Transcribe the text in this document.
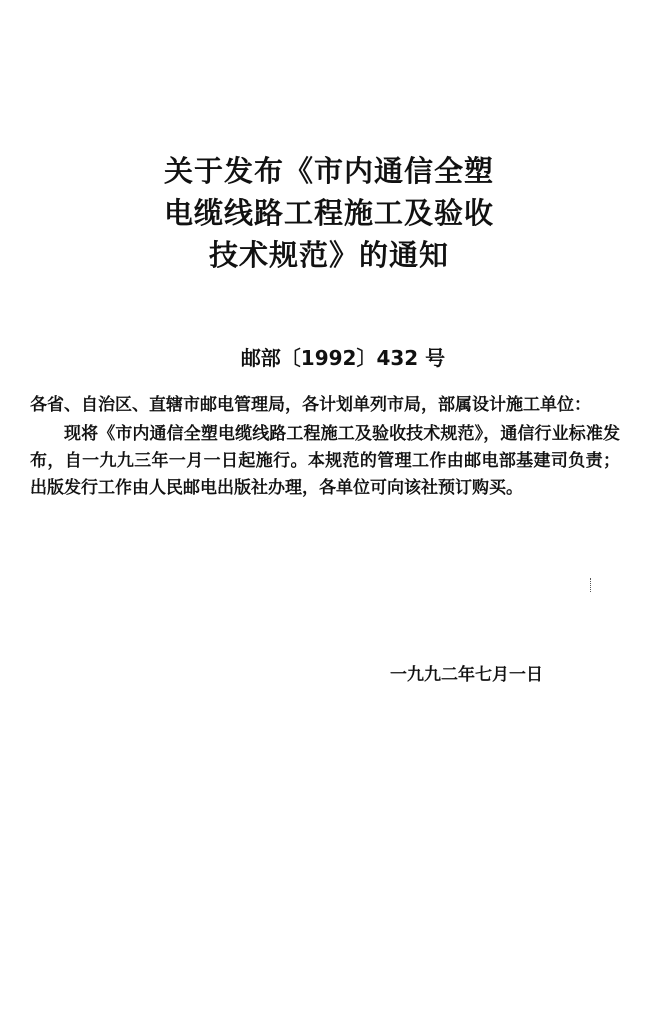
关于发布《市内通信全塑
电缆线路工程施工及验收
技术规范》的通知
邮部〔1992〕432 号

各省、自治区、直辖市邮电管理局，各计划单列市局，部属设计施工单位：

现将《市内通信全塑电缆线路工程施工及验收技术规范》，通信行业标准发布，自一九九三年一月一日起施行。本规范的管理工作由邮电部基建司负责；出版发行工作由人民邮电出版社办理，各单位可向该社预订购买。

一九九二年七月一日
